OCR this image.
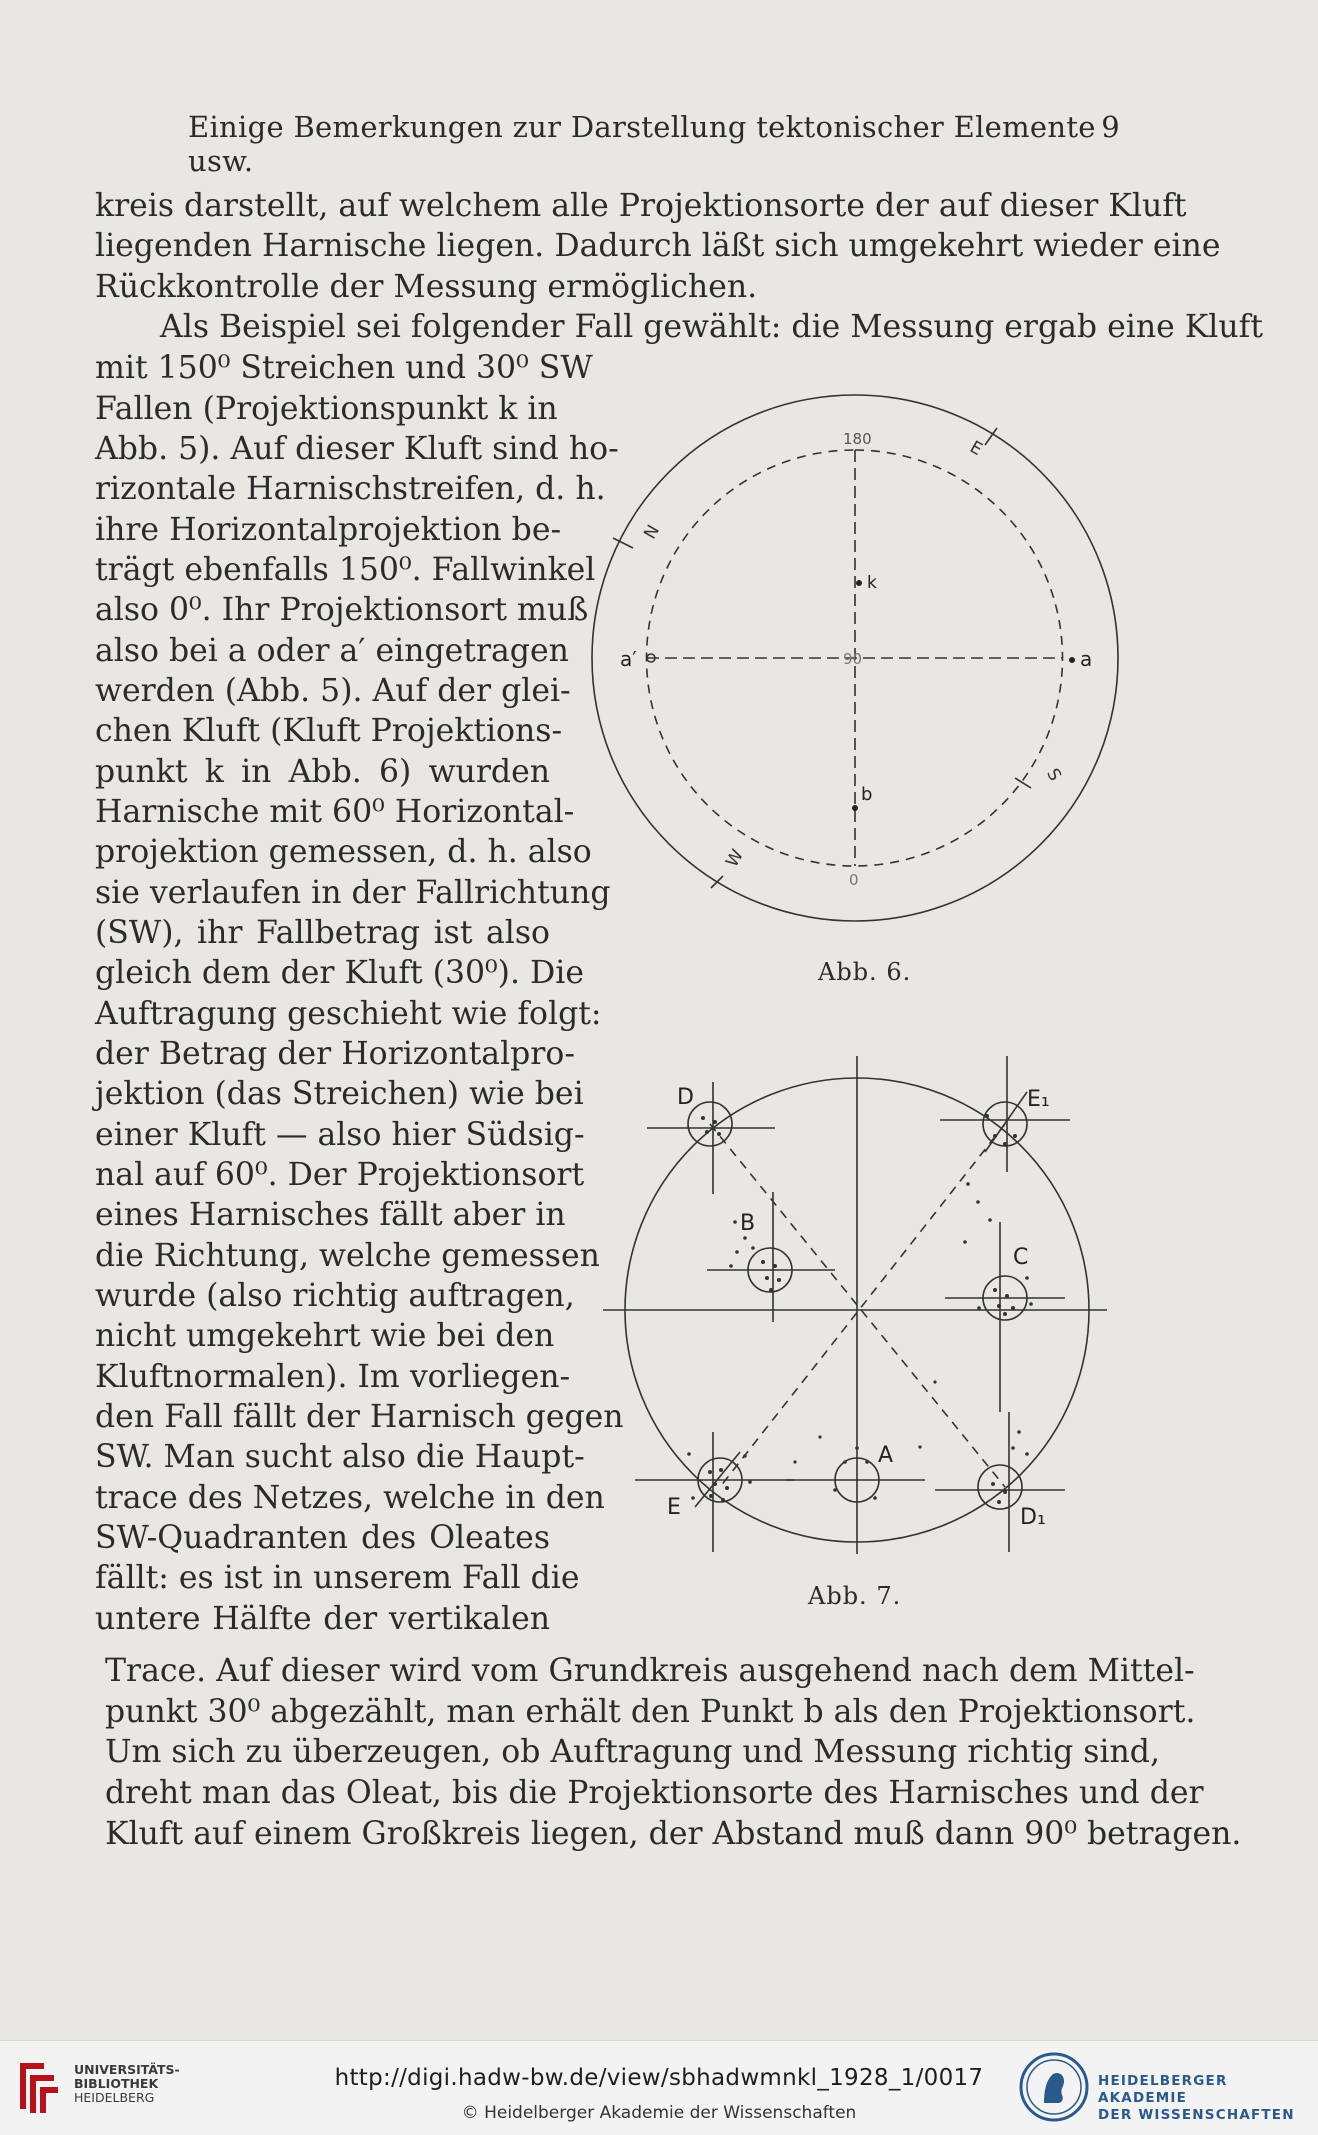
Einige Bemerkungen zur Darstellung tektonischer Elemente usw.
9
kreis darstellt, auf welchem alle Projektionsorte der auf dieser Kluft
liegenden Harnische liegen. Dadurch läßt sich umgekehrt wieder eine
Rückkontrolle der Messung ermöglichen.
Als Beispiel sei folgender Fall gewählt: die Messung ergab eine Kluft
mit 150⁰ Streichen und 30⁰ SW
Fallen (Projektionspunkt k in
Abb. 5). Auf dieser Kluft sind ho-
rizontale Harnischstreifen, d. h.
ihre Horizontalprojektion be-
trägt ebenfalls 150⁰. Fallwinkel
also 0⁰. Ihr Projektionsort muß
also bei a oder a′ eingetragen
werden (Abb. 5). Auf der glei-
chen Kluft (Kluft Projektions-
punkt k in Abb. 6) wurden
Harnische mit 60⁰ Horizontal-
projektion gemessen, d. h. also
sie verlaufen in der Fallrichtung
(SW), ihr Fallbetrag ist also
gleich dem der Kluft (30⁰). Die
Auftragung geschieht wie folgt:
der Betrag der Horizontalpro-
jektion (das Streichen) wie bei
einer Kluft — also hier Südsig-
nal auf 60⁰. Der Projektionsort
eines Harnisches fällt aber in
die Richtung, welche gemessen
wurde (also richtig auftragen,
nicht umgekehrt wie bei den
Kluftnormalen). Im vorliegen-
den Fall fällt der Harnisch gegen
SW. Man sucht also die Haupt-
trace des Netzes, welche in den
SW-Quadranten des Oleates
fällt: es ist in unserem Fall die
untere Hälfte der vertikalen
Trace. Auf dieser wird vom Grundkreis ausgehend nach dem Mittel-
punkt 30⁰ abgezählt, man erhält den Punkt b als den Projektionsort.
Um sich zu überzeugen, ob Auftragung und Messung richtig sind,
dreht man das Oleat, bis die Projektionsorte des Harnisches und der
Kluft auf einem Großkreis liegen, der Abstand muß dann 90⁰ betragen.
180
k
a′	a
b
90
0
N
E
S
W
Abb. 6.
D	E₁
B
C
A
E	D₁
Abb. 7.
UNIVERSITÄTS-
BIBLIOTHEK
HEIDELBERG
http://digi.hadw-bw.de/view/sbhadwmnkl_1928_1/0017
© Heidelberger Akademie der Wissenschaften
HEIDELBERGER AKADEMIE
DER WISSENSCHAFTEN
